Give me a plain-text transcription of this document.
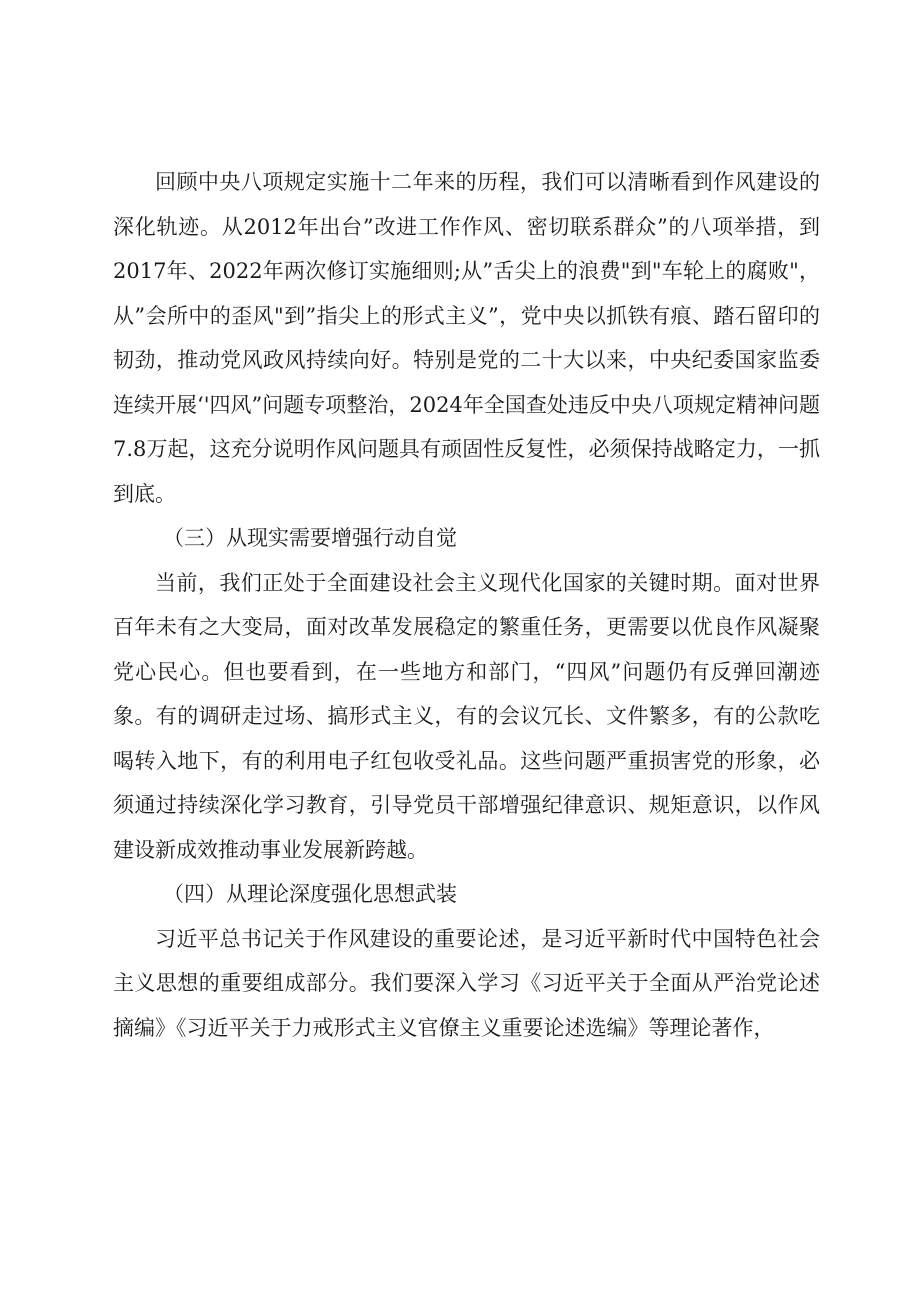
回顾中央八项规定实施十二年来的历程，我们可以清晰看到作风建设的深化轨迹。从2012年出台”改进工作作风、密切联系群众”的八项举措，到2017年、2022年两次修订实施细则;从”舌尖上的浪费"到"车轮上的腐败"，从”会所中的歪风"到”指尖上的形式主义”，党中央以抓铁有痕、踏石留印的韧劲，推动党风政风持续向好。特别是党的二十大以来，中央纪委国家监委连续开展‘'四风”问题专项整治，2024年全国查处违反中央八项规定精神问题7.8万起，这充分说明作风问题具有顽固性反复性，必须保持战略定力，一抓到底。

（三）从现实需要增强行动自觉

当前，我们正处于全面建设社会主义现代化国家的关键时期。面对世界百年未有之大变局，面对改革发展稳定的繁重任务，更需要以优良作风凝聚党心民心。但也要看到，在一些地方和部门，“四风”问题仍有反弹回潮迹象。有的调研走过场、搞形式主义，有的会议冗长、文件繁多，有的公款吃喝转入地下，有的利用电子红包收受礼品。这些问题严重损害党的形象，必须通过持续深化学习教育，引导党员干部增强纪律意识、规矩意识，以作风建设新成效推动事业发展新跨越。

（四）从理论深度强化思想武装

习近平总书记关于作风建设的重要论述，是习近平新时代中国特色社会主义思想的重要组成部分。我们要深入学习《习近平关于全面从严治党论述摘编》《习近平关于力戒形式主义官僚主义重要论述选编》等理论著作，
